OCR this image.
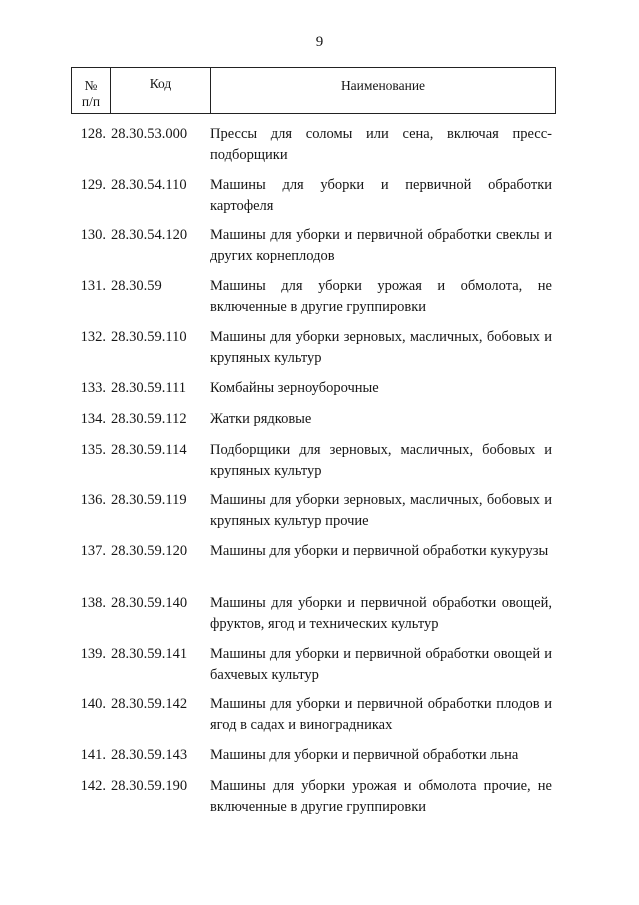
9
№
п/п
Код	Наименование
128. 28.30.53.000 Прессы для соломы или сена, включая пресс-подборщики
129. 28.30.54.110 Машины для уборки и первичной обработки картофеля
130. 28.30.54.120 Машины для уборки и первичной обработки свеклы и других корнеплодов
131. 28.30.59	Машины для уборки урожая и обмолота, не включенные в другие группировки
132. 28.30.59.110 Машины для уборки зерновых, масличных, бобовых и крупяных культур
133. 28.30.59.111 Комбайны зерноуборочные
134. 28.30.59.112 Жатки рядковые
135. 28.30.59.114 Подборщики для зерновых, масличных, бобовых и крупяных культур
136. 28.30.59.119 Машины для уборки зерновых, масличных, бобовых и крупяных культур прочие
137. 28.30.59.120 Машины для уборки и первичной обработки кукурузы
138. 28.30.59.140 Машины для уборки и первичной обработки овощей, фруктов, ягод и технических культур
139. 28.30.59.141 Машины для уборки и первичной обработки овощей и бахчевых культур
140. 28.30.59.142 Машины для уборки и первичной обработки плодов и ягод в садах и виноградниках
141. 28.30.59.143 Машины для уборки и первичной обработки льна
142. 28.30.59.190 Машины для уборки урожая и обмолота прочие, не включенные в другие группировки
